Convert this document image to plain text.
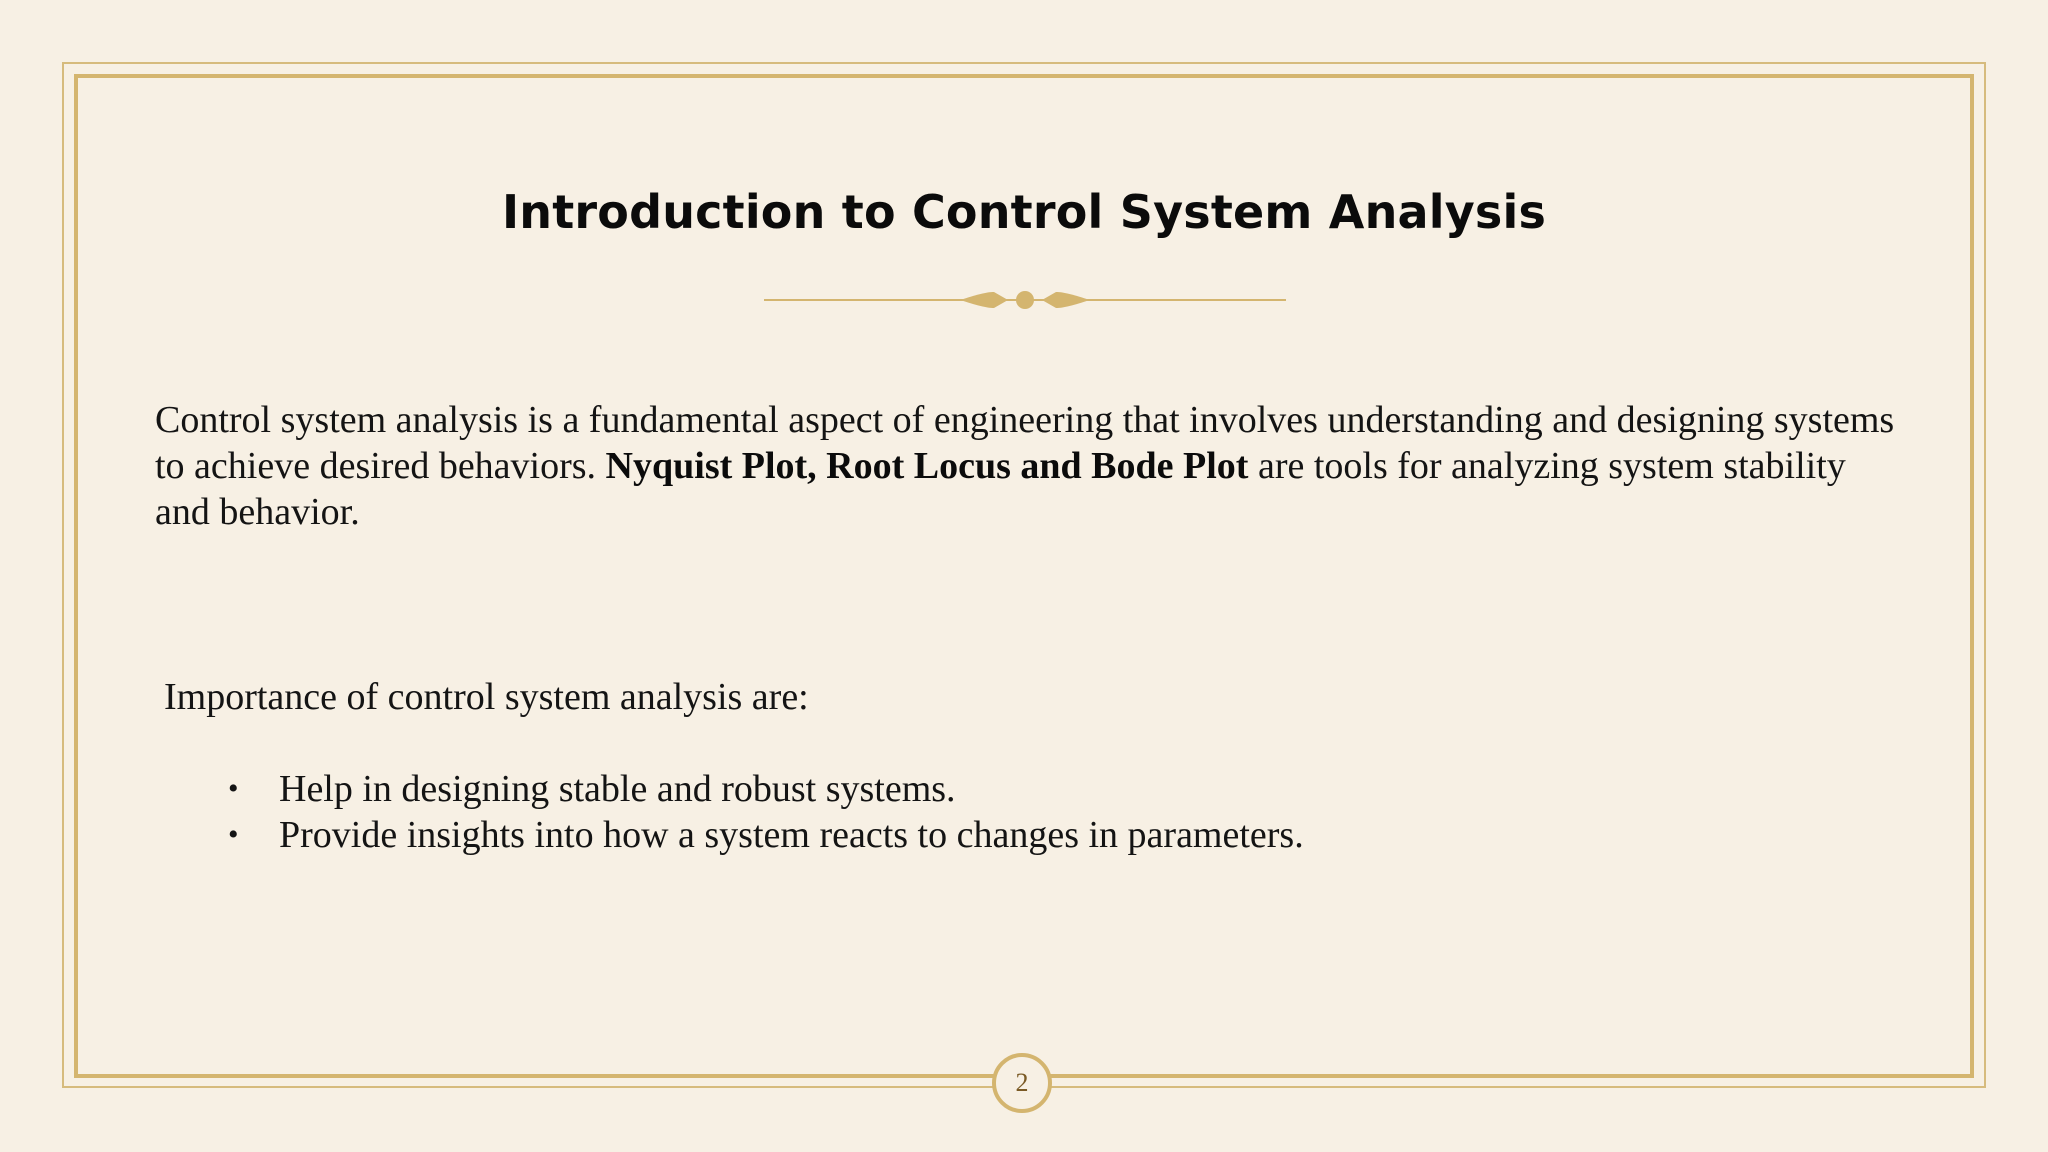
Introduction to Control System Analysis

Control system analysis is a fundamental aspect of engineering that involves understanding and designing systems to achieve desired behaviors. Nyquist Plot, Root Locus and Bode Plot are tools for analyzing system stability and behavior.

Importance of control system analysis are:

• Help in designing stable and robust systems.
• Provide insights into how a system reacts to changes in parameters.
2
